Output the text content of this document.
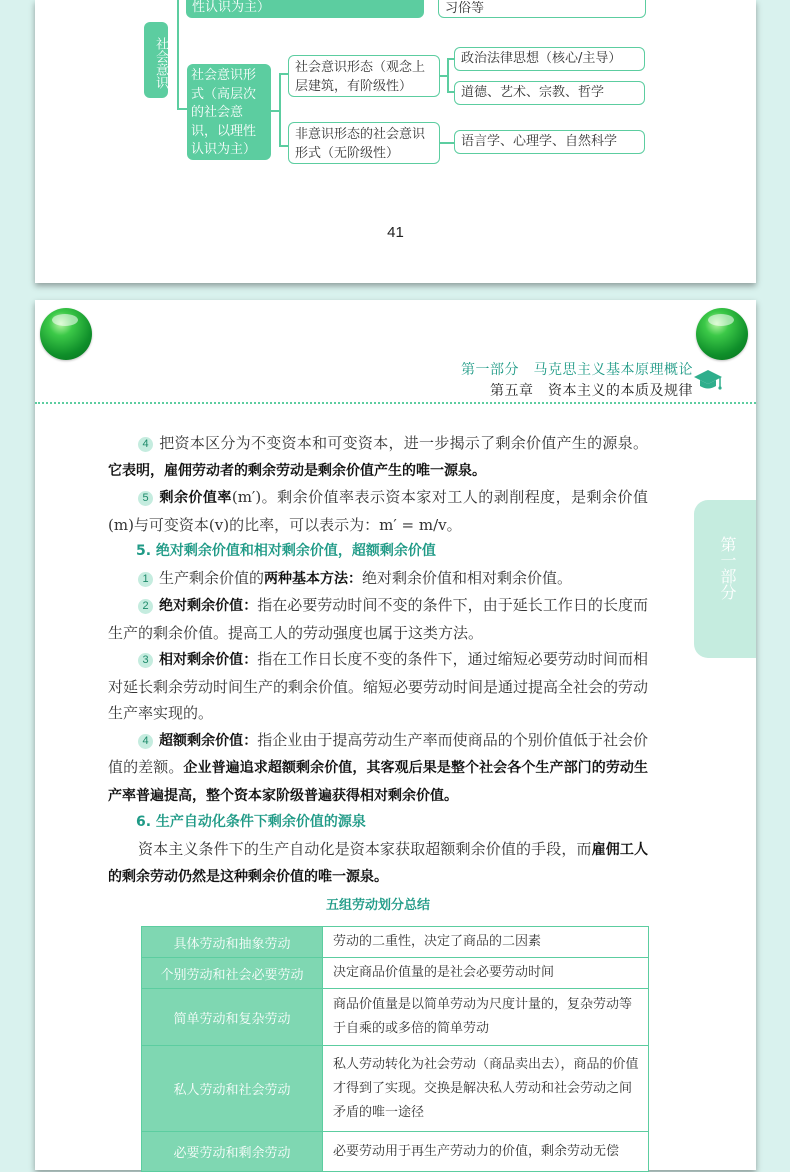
性认识为主）	习俗等
社会意识	社会意识形式（高层次的社会意识，以理性认识为主）
社会意识形态（观念上层建筑，有阶级性）
非意识形态的社会意识形式（无阶级性）
政治法律思想（核心/主导）
道德、艺术、宗教、哲学
语言学、心理学、自然科学
41
第一部分　马克思主义基本原理概论
第五章　资本主义的本质及规律
第一部分

4 把资本区分为不变资本和可变资本，进一步揭示了剩余价值产生的源泉。它表明，雇佣劳动者的剩余劳动是剩余价值产生的唯一源泉。

5 剩余价值率(m′)。剩余价值率表示资本家对工人的剥削程度，是剩余价值(m)与可变资本(v)的比率，可以表示为：m′ = m/v。

5. 绝对剩余价值和相对剩余价值，超额剩余价值

1 生产剩余价值的两种基本方法：绝对剩余价值和相对剩余价值。

2 绝对剩余价值：指在必要劳动时间不变的条件下，由于延长工作日的长度而生产的剩余价值。提高工人的劳动强度也属于这类方法。

3 相对剩余价值：指在工作日长度不变的条件下，通过缩短必要劳动时间而相对延长剩余劳动时间生产的剩余价值。缩短必要劳动时间是通过提高全社会的劳动生产率实现的。

4 超额剩余价值：指企业由于提高劳动生产率而使商品的个别价值低于社会价值的差额。企业普遍追求超额剩余价值，其客观后果是整个社会各个生产部门的劳动生产率普遍提高，整个资本家阶级普遍获得相对剩余价值。

6. 生产自动化条件下剩余价值的源泉

资本主义条件下的生产自动化是资本家获取超额剩余价值的手段，而雇佣工人的剩余劳动仍然是这种剩余价值的唯一源泉。

五组劳动划分总结

具体劳动和抽象劳动	劳动的二重性，决定了商品的二因素
个别劳动和社会必要劳动	决定商品价值量的是社会必要劳动时间
简单劳动和复杂劳动	商品价值量是以简单劳动为尺度计量的，复杂劳动等于自乘的或多倍的简单劳动
私人劳动和社会劳动	私人劳动转化为社会劳动（商品卖出去），商品的价值才得到了实现。交换是解决私人劳动和社会劳动之间矛盾的唯一途径
必要劳动和剩余劳动	必要劳动用于再生产劳动力的价值，剩余劳动无偿
